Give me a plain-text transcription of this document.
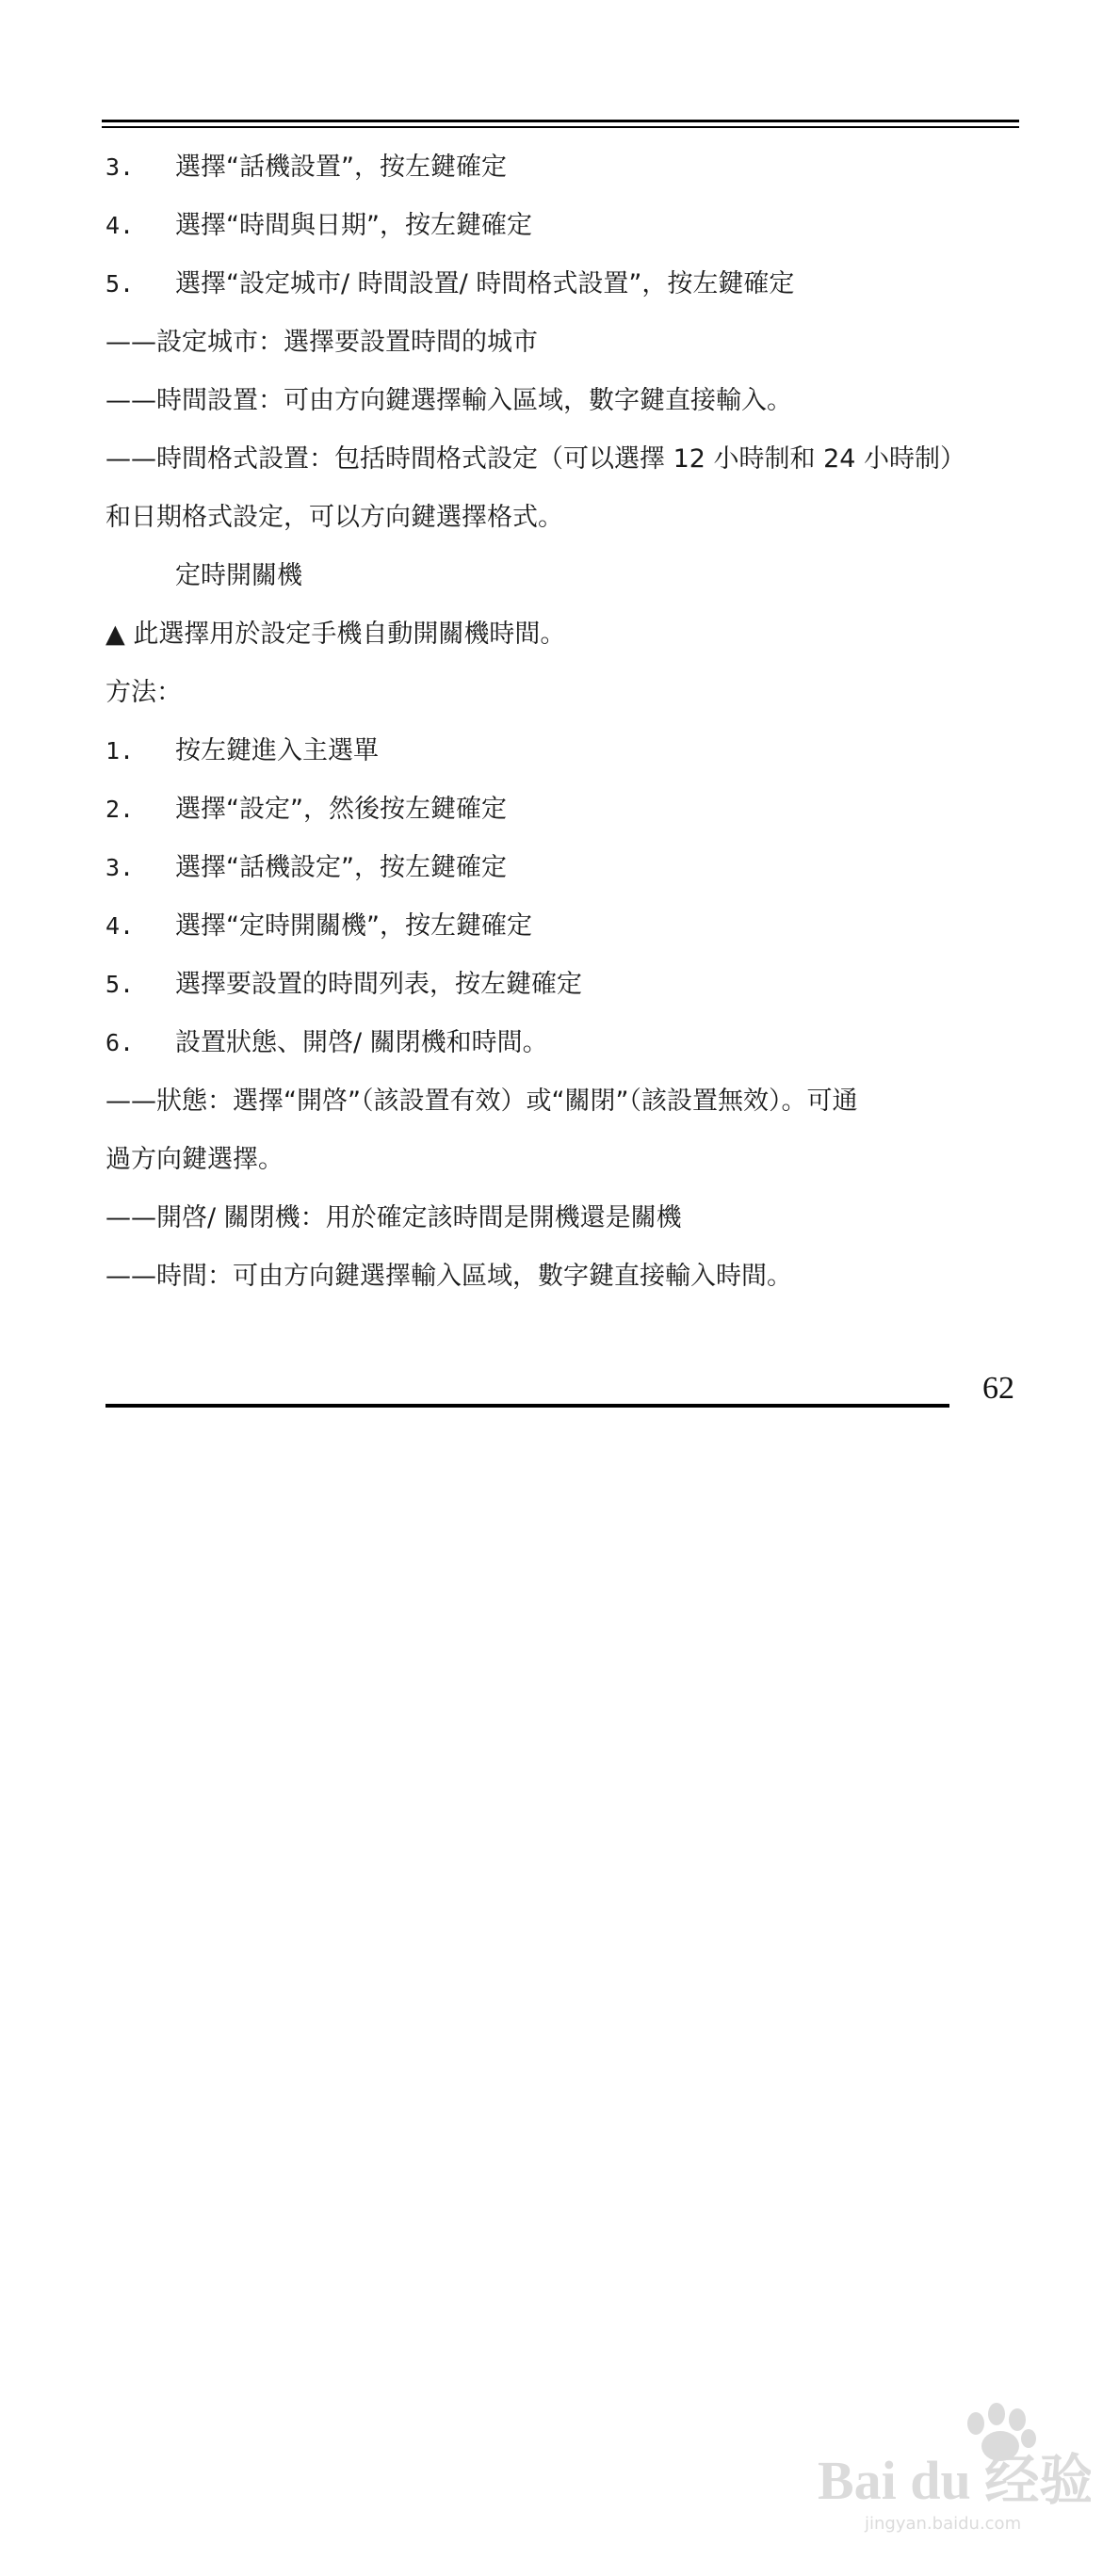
3.	選擇“話機設置”，按左鍵確定
4.	選擇“時間與日期”，按左鍵確定
5.	選擇“設定城市/ 時間設置/ 時間格式設置”，按左鍵確定
——設定城市：選擇要設置時間的城市
——時間設置：可由方向鍵選擇輸入區域，數字鍵直接輸入。
——時間格式設置：包括時間格式設定（可以選擇 12 小時制和 24 小時制）
和日期格式設定，可以方向鍵選擇格式。
定時開關機
▲ 此選擇用於設定手機自動開關機時間。
方法：
1.	按左鍵進入主選單
2.	選擇“設定”，然後按左鍵確定
3.	選擇“話機設定”，按左鍵確定
4.	選擇“定時開關機”，按左鍵確定
5.	選擇要設置的時間列表，按左鍵確定
6.	設置狀態、開啓/ 關閉機和時間。
——狀態：選擇“開啓”（該設置有效）或“關閉”（該設置無效）。可通
過方向鍵選擇。
——開啓/ 關閉機：用於確定該時間是開機還是關機
——時間：可由方向鍵選擇輸入區域，數字鍵直接輸入時間。
62
Bai du 经验
jingyan.baidu.com
